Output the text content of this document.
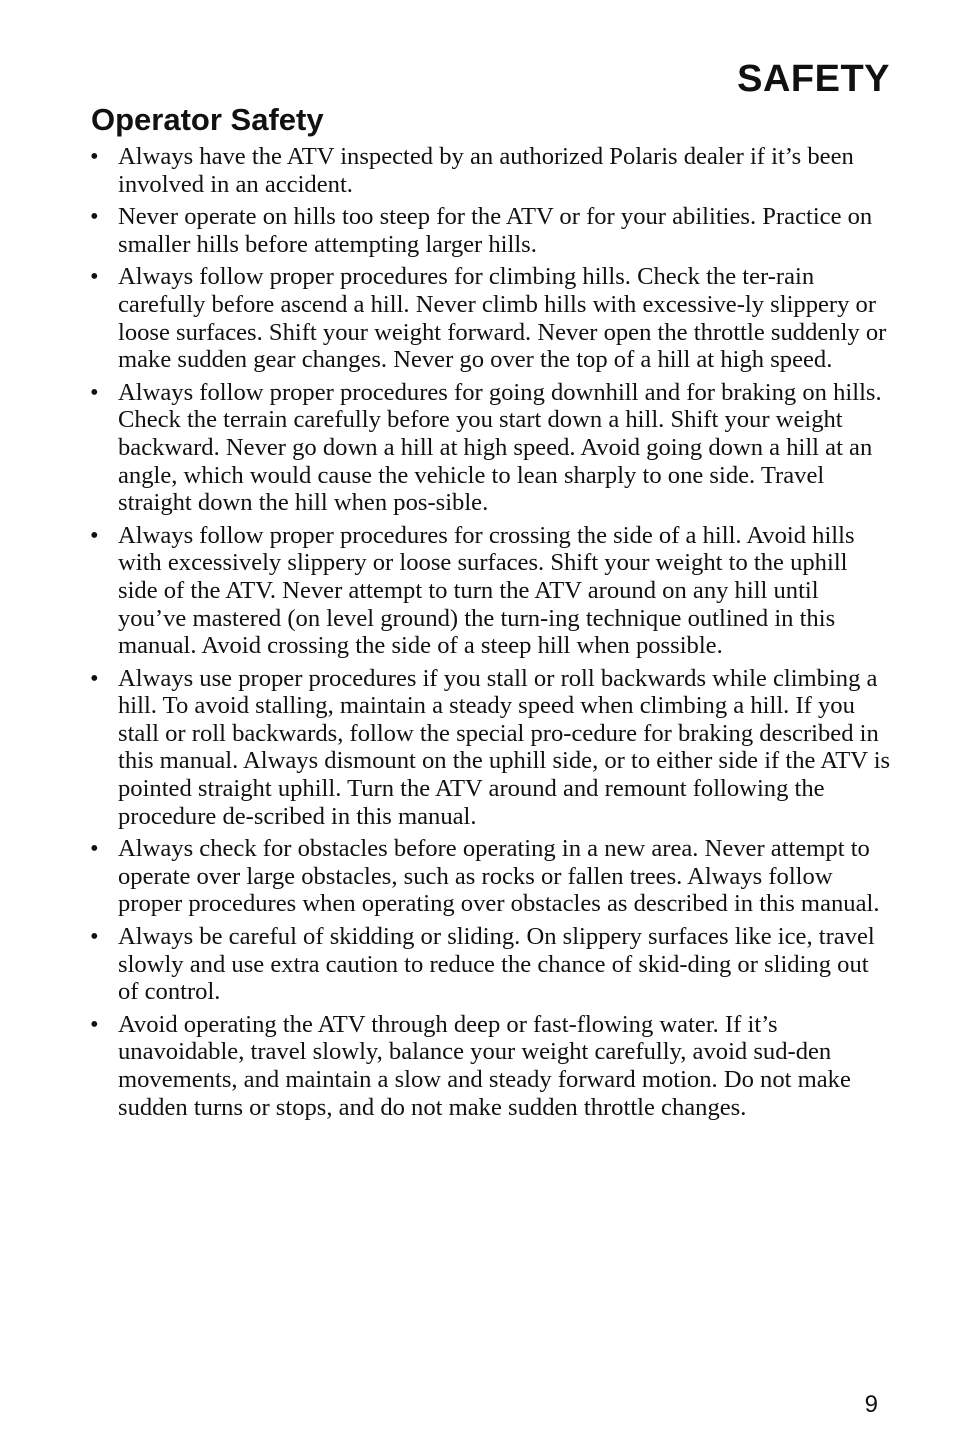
SAFETY
Operator Safety
• Always have the ATV inspected by an authorized Polaris dealer if it’s been involved in an accident.
• Never operate on hills too steep for the ATV or for your abilities. Practice on smaller hills before attempting larger hills.
• Always follow proper procedures for climbing hills. Check the ter-rain carefully before ascend a hill. Never climb hills with excessive-ly slippery or loose surfaces. Shift your weight forward. Never open the throttle suddenly or make sudden gear changes. Never go over the top of a hill at high speed.
• Always follow proper procedures for going downhill and for braking on hills. Check the terrain carefully before you start down a hill. Shift your weight backward. Never go down a hill at high speed. Avoid going down a hill at an angle, which would cause the vehicle to lean sharply to one side. Travel straight down the hill when pos-sible.
• Always follow proper procedures for crossing the side of a hill. Avoid hills with excessively slippery or loose surfaces. Shift your weight to the uphill side of the ATV. Never attempt to turn the ATV around on any hill until you’ve mastered (on level ground) the turn-ing technique outlined in this manual. Avoid crossing the side of a steep hill when possible.
• Always use proper procedures if you stall or roll backwards while climbing a hill. To avoid stalling, maintain a steady speed when climbing a hill. If you stall or roll backwards, follow the special pro-cedure for braking described in this manual. Always dismount on the uphill side, or to either side if the ATV is pointed straight uphill. Turn the ATV around and remount following the procedure de-scribed in this manual.
• Always check for obstacles before operating in a new area. Never attempt to operate over large obstacles, such as rocks or fallen trees. Always follow proper procedures when operating over obstacles as described in this manual.
• Always be careful of skidding or sliding. On slippery surfaces like ice, travel slowly and use extra caution to reduce the chance of skid-ding or sliding out of control.
• Avoid operating the ATV through deep or fast-flowing water. If it’s unavoidable, travel slowly, balance your weight carefully, avoid sud-den movements, and maintain a slow and steady forward motion. Do not make sudden turns or stops, and do not make sudden throttle changes.
9
